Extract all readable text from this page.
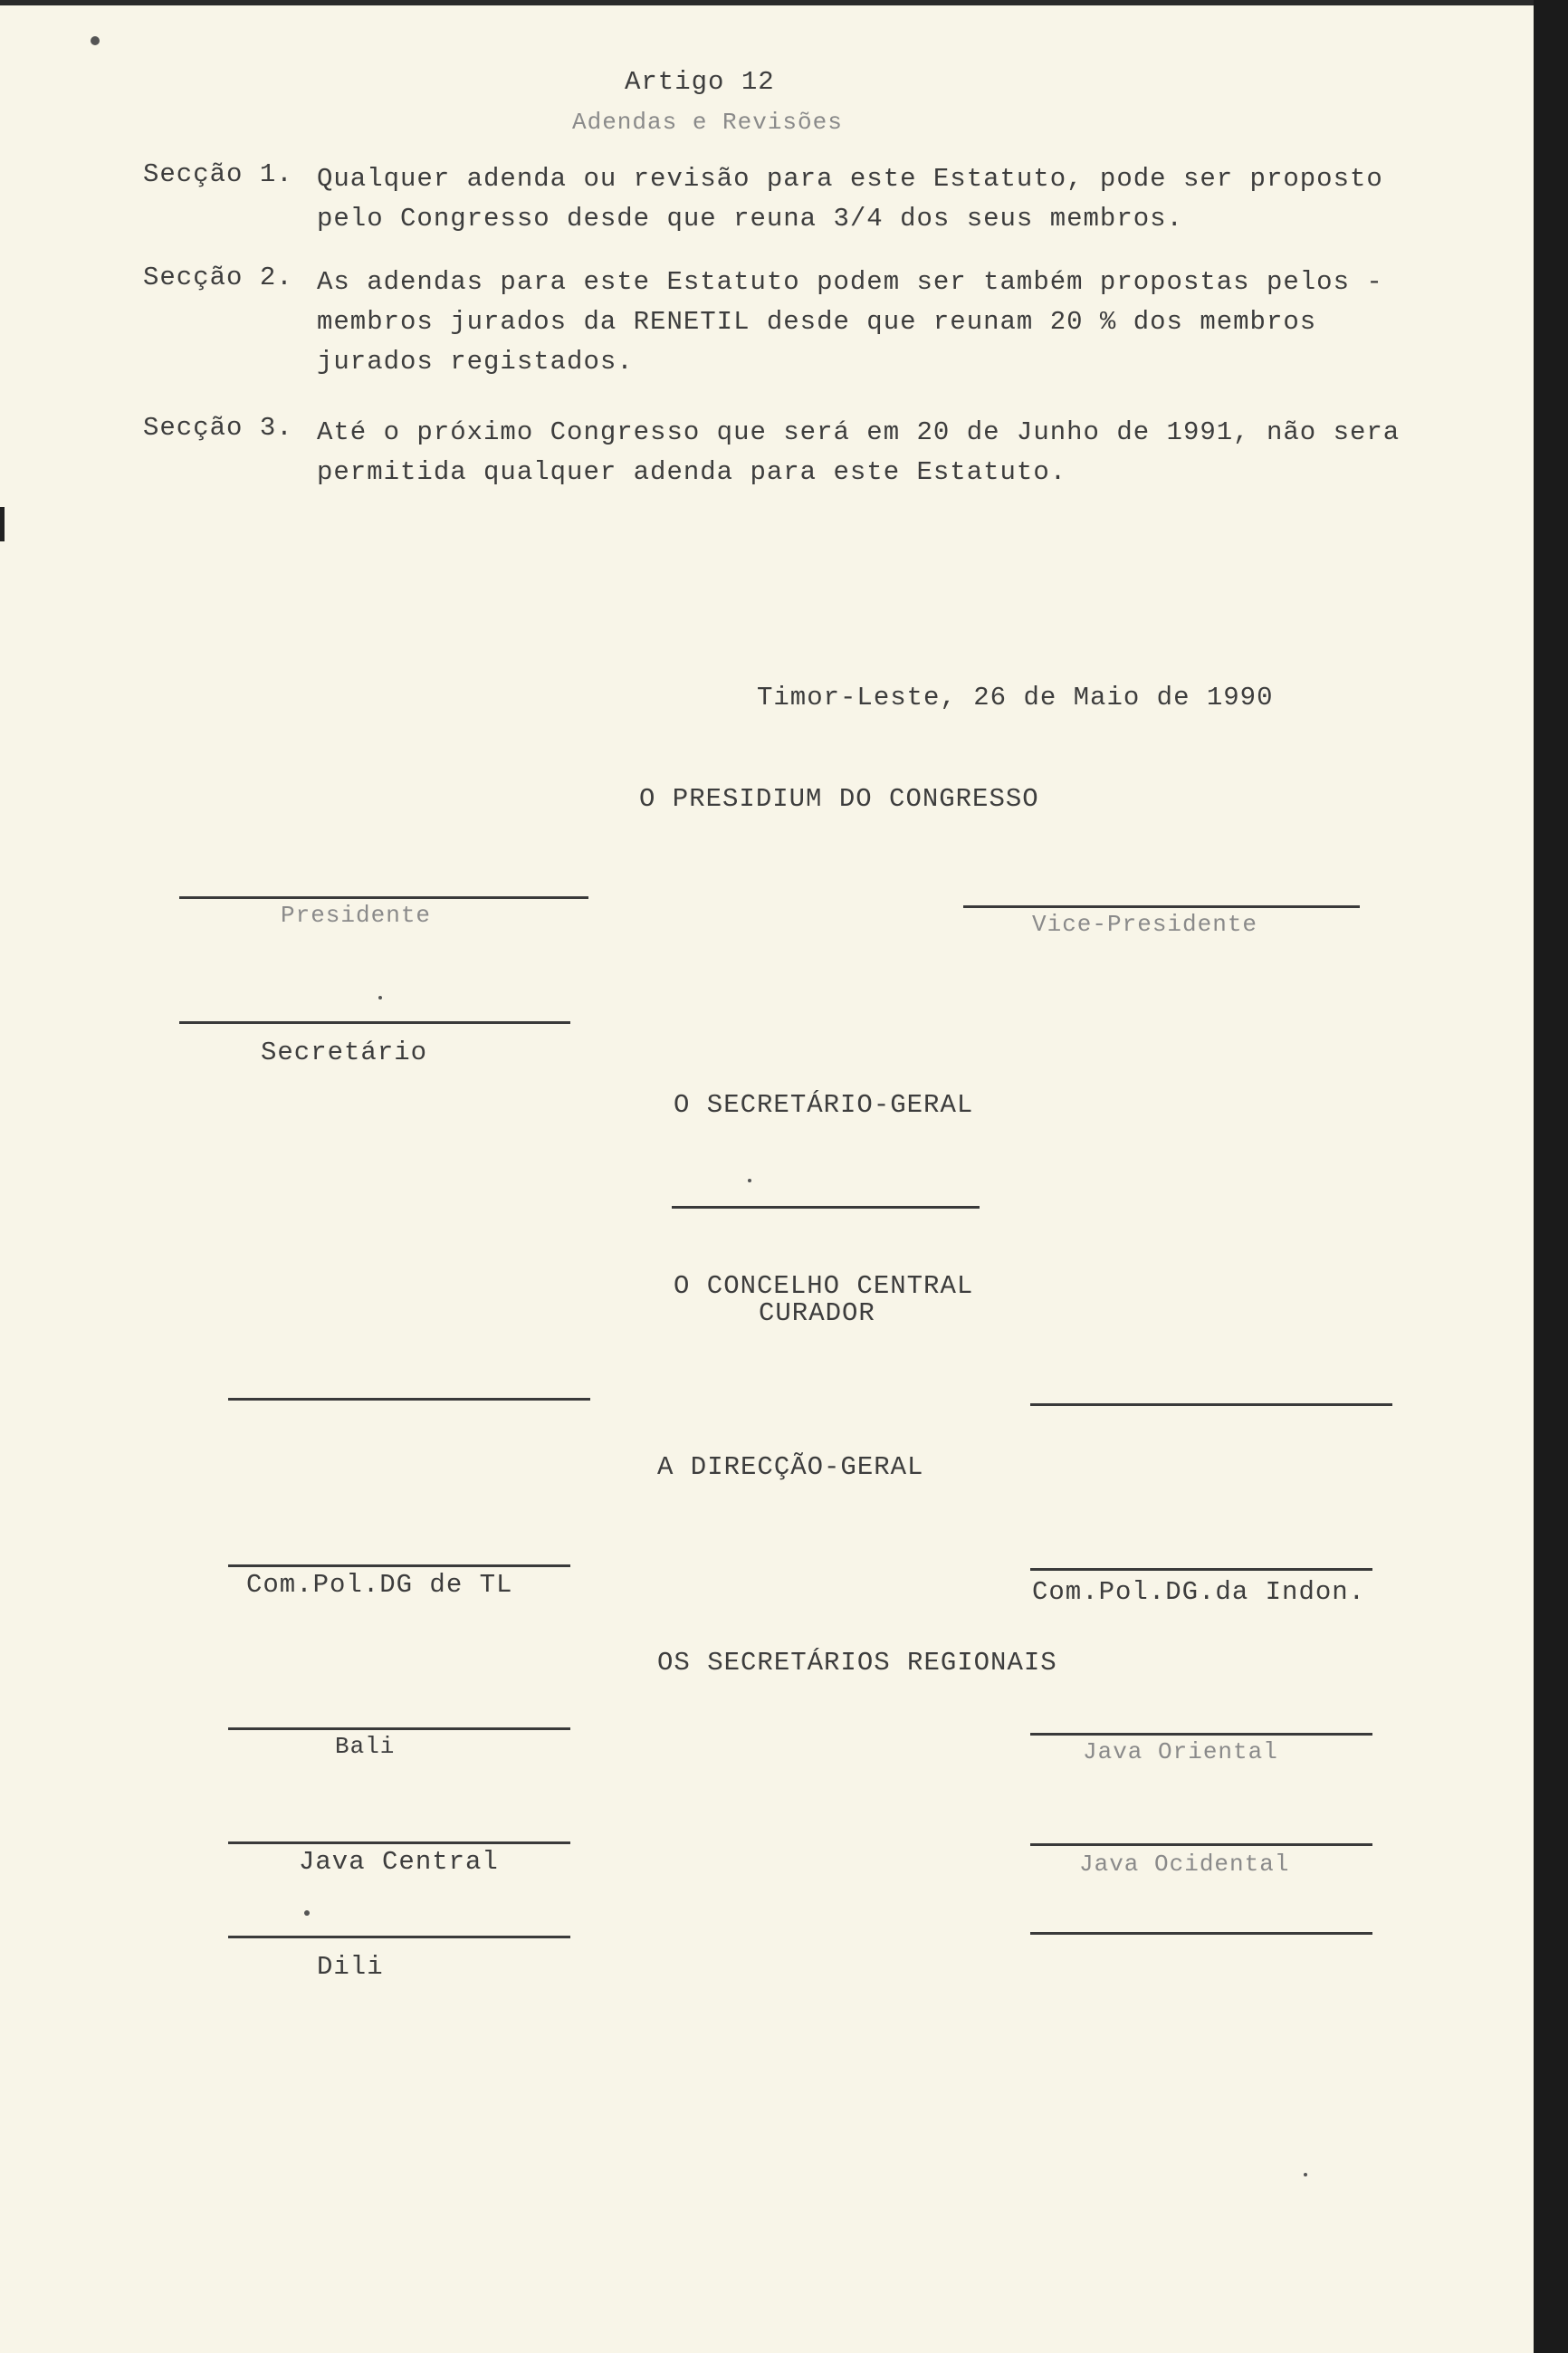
Artigo 12
Adendas e Revisões
Secção 1. Qualquer adenda ou revisão para este Estatuto, pode ser proposto pelo Congresso desde que reuna 3/4 dos seus membros.
Secção 2. As adendas para este Estatuto podem ser também propostas pelos - membros jurados da RENETIL desde que reunam 20 % dos membros jurados registados.
Secção 3. Até o próximo Congresso que será em 20 de Junho de 1991, não sera permitida qualquer adenda para este Estatuto.
Timor-Leste, 26 de Maio de 1990
O PRESIDIUM DO CONGRESSO
Presidente	Vice-Presidente
Secretário
O SECRETÁRIO-GERAL
O CONCELHO CENTRAL
CURADOR
A DIRECÇÃO-GERAL
Com.Pol.DG de TL	Com.Pol.DG.da Indon.
OS SECRETÁRIOS REGIONAIS
Bali	Java Oriental
Java Central	Java Ocidental
Dili
